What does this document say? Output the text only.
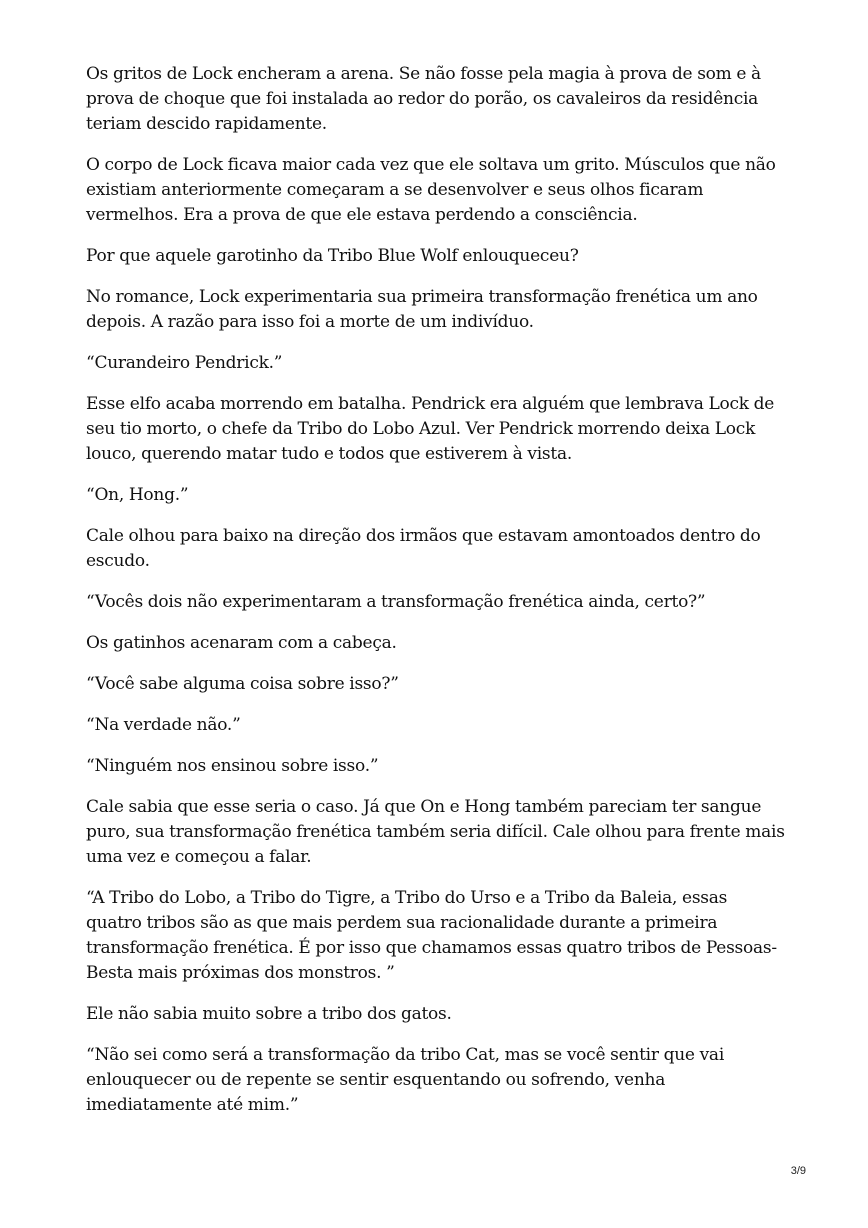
Os gritos de Lock encheram a arena. Se não fosse pela magia à prova de som e à prova de choque que foi instalada ao redor do porão, os cavaleiros da residência teriam descido rapidamente.

O corpo de Lock ficava maior cada vez que ele soltava um grito. Músculos que não existiam anteriormente começaram a se desenvolver e seus olhos ficaram vermelhos. Era a prova de que ele estava perdendo a consciência.

Por que aquele garotinho da Tribo Blue Wolf enlouqueceu?

No romance, Lock experimentaria sua primeira transformação frenética um ano depois. A razão para isso foi a morte de um indivíduo.

“Curandeiro Pendrick.”

Esse elfo acaba morrendo em batalha. Pendrick era alguém que lembrava Lock de seu tio morto, o chefe da Tribo do Lobo Azul. Ver Pendrick morrendo deixa Lock louco, querendo matar tudo e todos que estiverem à vista.

“On, Hong.”

Cale olhou para baixo na direção dos irmãos que estavam amontoados dentro do escudo.

“Vocês dois não experimentaram a transformação frenética ainda, certo?”

Os gatinhos acenaram com a cabeça.

“Você sabe alguma coisa sobre isso?”

“Na verdade não.”

“Ninguém nos ensinou sobre isso.”

Cale sabia que esse seria o caso. Já que On e Hong também pareciam ter sangue puro, sua transformação frenética também seria difícil. Cale olhou para frente mais uma vez e começou a falar.

“A Tribo do Lobo, a Tribo do Tigre, a Tribo do Urso e a Tribo da Baleia, essas quatro tribos são as que mais perdem sua racionalidade durante a primeira transformação frenética. É por isso que chamamos essas quatro tribos de Pessoas-Besta mais próximas dos monstros. ”

Ele não sabia muito sobre a tribo dos gatos.

“Não sei como será a transformação da tribo Cat, mas se você sentir que vai enlouquecer ou de repente se sentir esquentando ou sofrendo, venha imediatamente até mim.”

3/9
